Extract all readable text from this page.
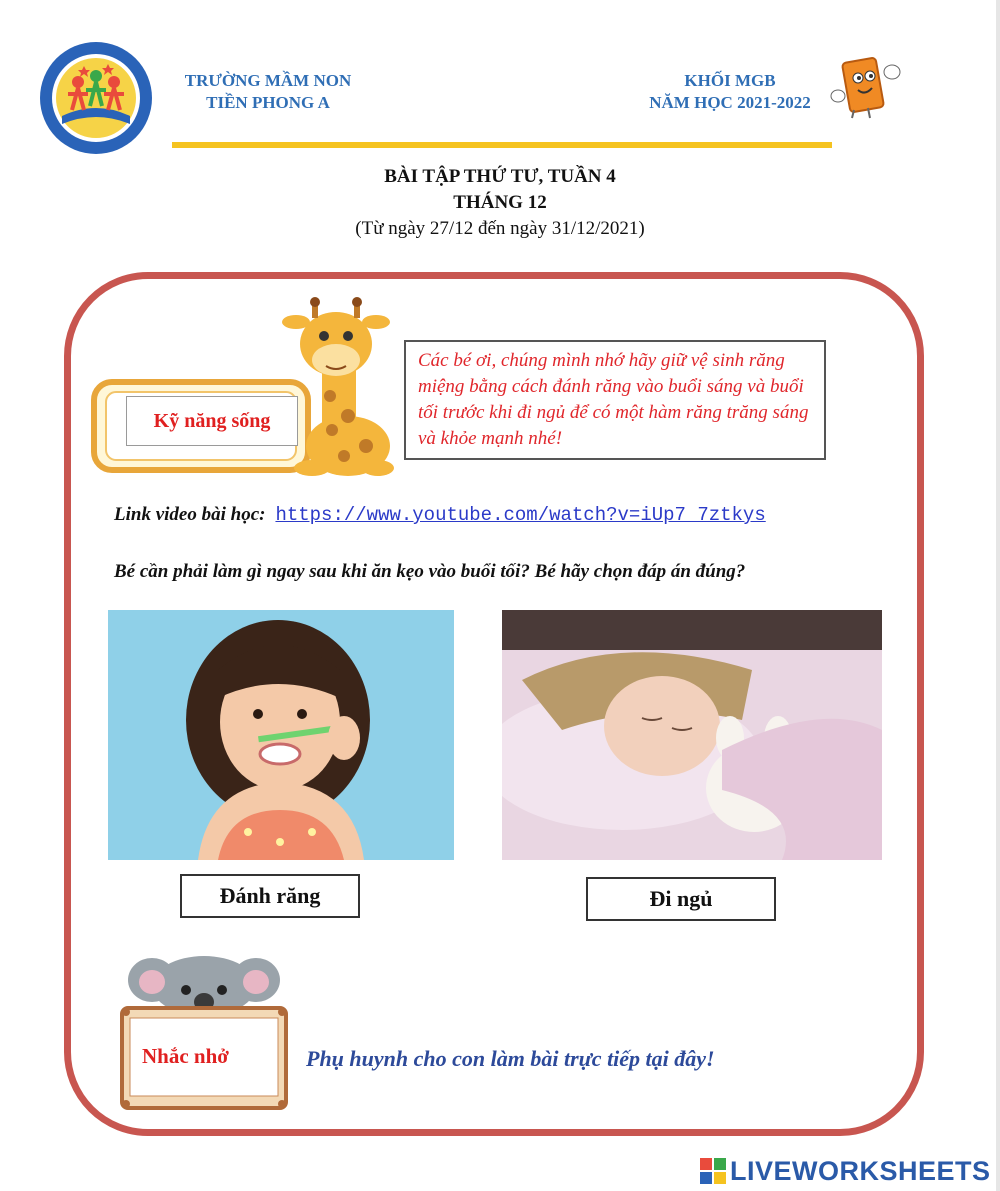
TRƯỜNG MẦM NON
TIỀN PHONG A
KHỐI MGB
NĂM HỌC 2021-2022
BÀI TẬP THỨ TƯ, TUẦN 4
THÁNG 12
(Từ ngày 27/12 đến ngày 31/12/2021)
Kỹ năng sống
Các bé ơi, chúng mình nhớ hãy giữ vệ sinh răng miệng bằng cách đánh răng vào buổi sáng và buổi tối trước khi đi ngủ để có một hàm răng trăng sáng và khỏe mạnh nhé!
Link video bài học: https://www.youtube.com/watch?v=iUp7 7ztkys
Bé cần phải làm gì ngay sau khi ăn kẹo vào buổi tối? Bé hãy chọn đáp án đúng?
Đánh răng	Đi ngủ
Nhắc nhở	Phụ huynh cho con làm bài trực tiếp tại đây!
LIVEWORKSHEETS
